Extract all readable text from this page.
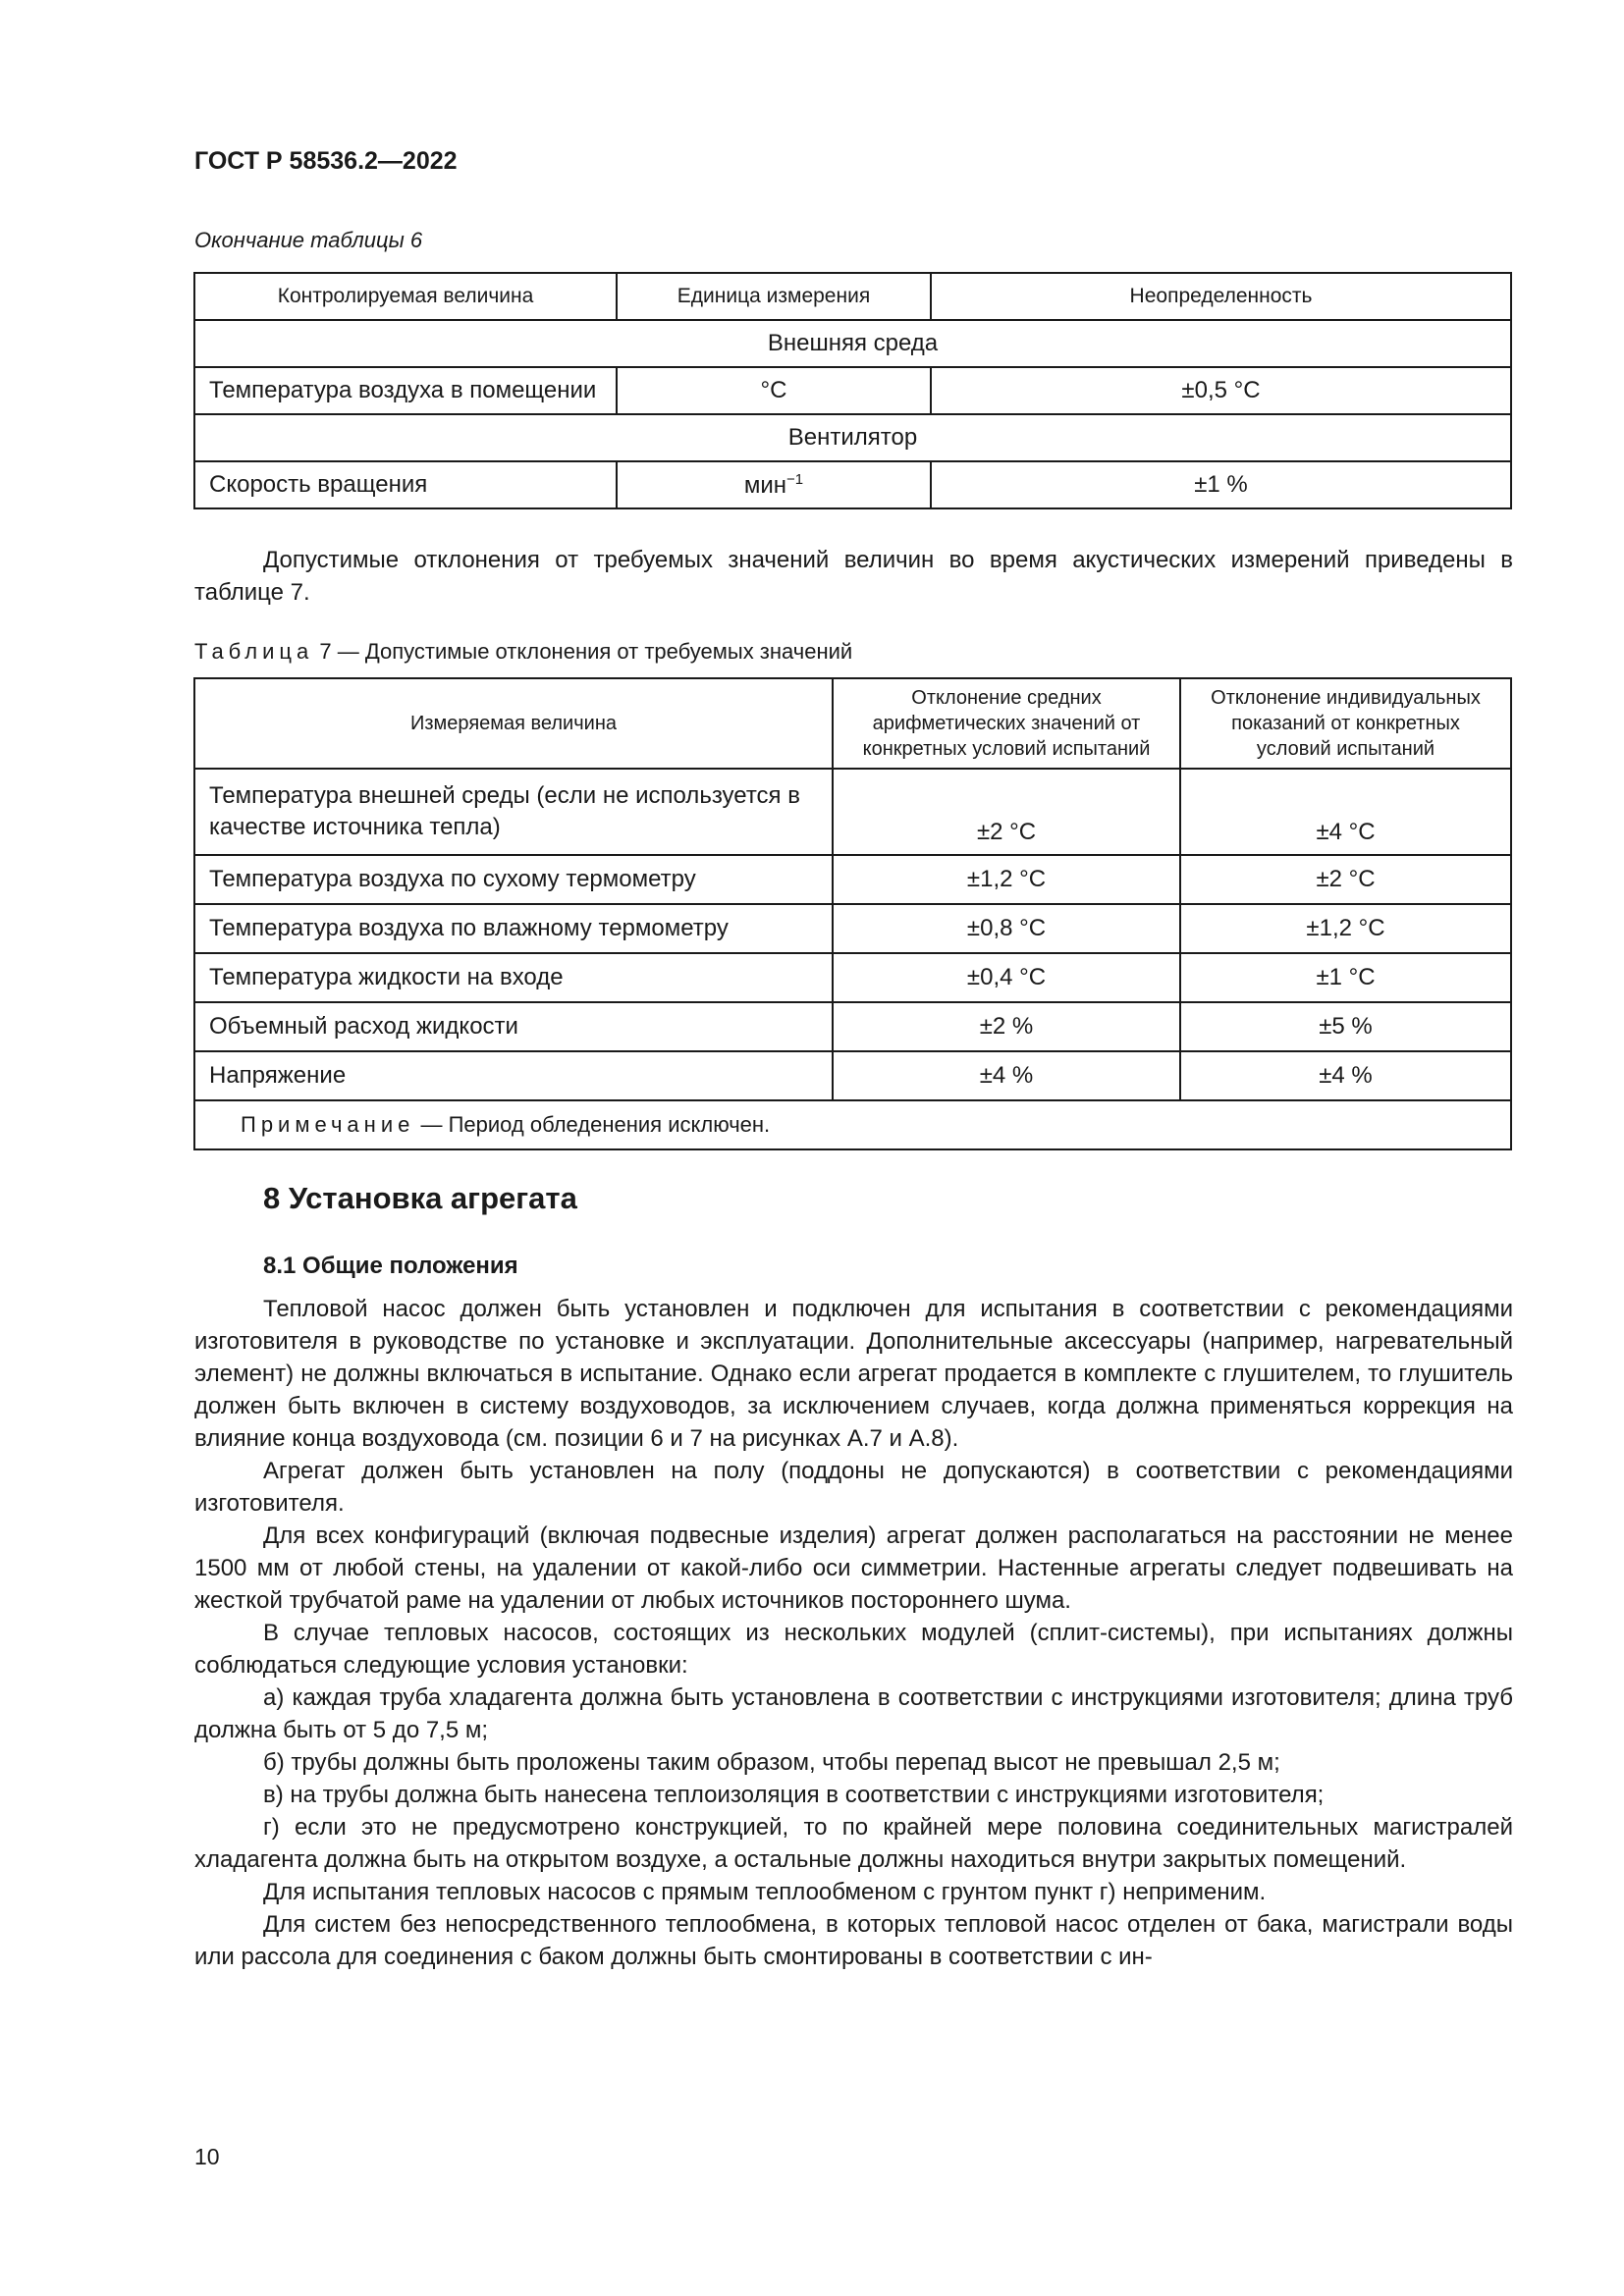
ГОСТ Р 58536.2—2022
Окончание таблицы 6
Контролируемая величина	Единица измерения	Неопределенность
Внешняя среда		
Температура воздуха в помещении	°C	±0,5 °C
Вентилятор		
Скорость вращения	мин$^{-1}$	±1 %
Допустимые отклонения от требуемых значений величин во время акустических измерений приведены в таблице 7.
Таблица 7 — Допустимые отклонения от требуемых значений
Измеряемая величина	Отклонение средних арифметических значений от конкретных условий испытаний	Отклонение индивидуальных показаний от конкретных условий испытаний
Температура внешней среды (если не используется в качестве источника тепла)	±2 °C	±4 °C
Температура воздуха по сухому термометру	±1,2 °C	±2 °C
Температура воздуха по влажному термометру	±0,8 °C	±1,2 °C
Температура жидкости на входе	±0,4 °C	±1 °C
Объемный расход жидкости	±2 %	±5 %
Напряжение	±4 %	±4 %
Примечание — Период обледенения исключен.		
8 Установка агрегата
8.1 Общие положения

Тепловой насос должен быть установлен и подключен для испытания в соответствии с рекомендациями изготовителя в руководстве по установке и эксплуатации. Дополнительные аксессуары (например, нагревательный элемент) не должны включаться в испытание. Однако если агрегат продается в комплекте с глушителем, то глушитель должен быть включен в систему воздуховодов, за исключением случаев, когда должна применяться коррекция на влияние конца воздуховода (см. позиции 6 и 7 на рисунках А.7 и А.8).

Агрегат должен быть установлен на полу (поддоны не допускаются) в соответствии с рекомендациями изготовителя.

Для всех конфигураций (включая подвесные изделия) агрегат должен располагаться на расстоянии не менее 1500 мм от любой стены, на удалении от какой-либо оси симметрии. Настенные агрегаты следует подвешивать на жесткой трубчатой раме на удалении от любых источников постороннего шума.

В случае тепловых насосов, состоящих из нескольких модулей (сплит-системы), при испытаниях должны соблюдаться следующие условия установки:

а) каждая труба хладагента должна быть установлена в соответствии с инструкциями изготовителя; длина труб должна быть от 5 до 7,5 м;

б) трубы должны быть проложены таким образом, чтобы перепад высот не превышал 2,5 м;

в) на трубы должна быть нанесена теплоизоляция в соответствии с инструкциями изготовителя;

г) если это не предусмотрено конструкцией, то по крайней мере половина соединительных магистралей хладагента должна быть на открытом воздухе, а остальные должны находиться внутри закрытых помещений.

Для испытания тепловых насосов с прямым теплообменом с грунтом пункт г) неприменим.

Для систем без непосредственного теплообмена, в которых тепловой насос отделен от бака, магистрали воды или рассола для соединения с баком должны быть смонтированы в соответствии с ин-

10
